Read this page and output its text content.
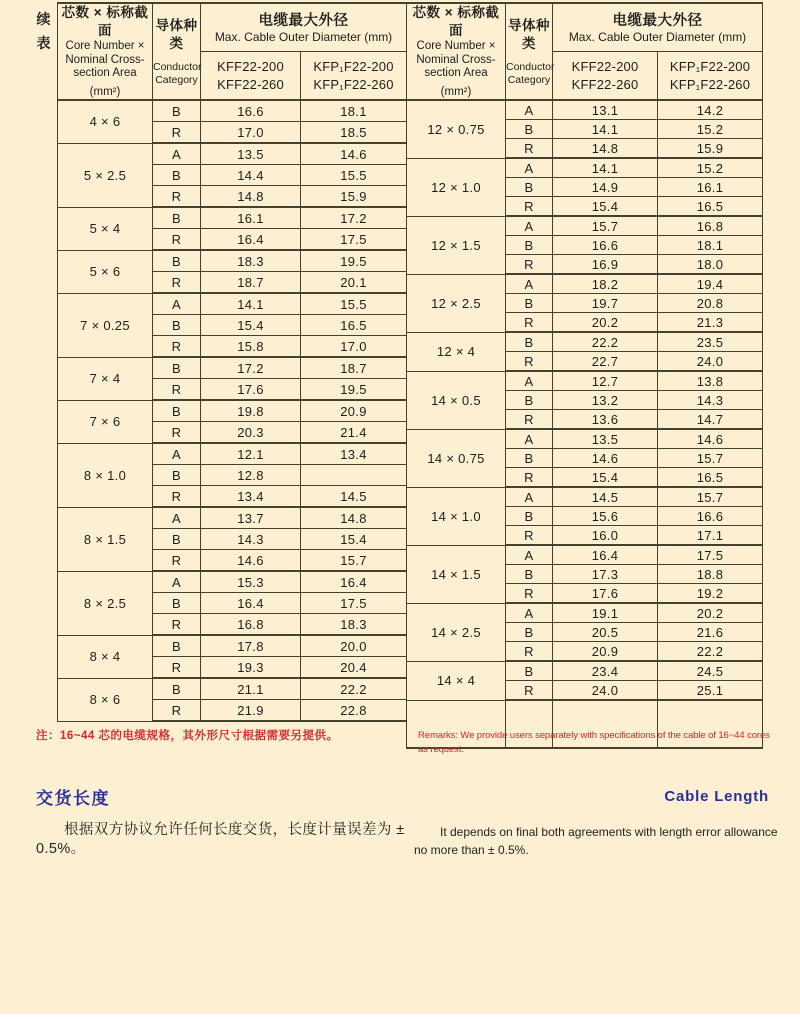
续表
芯数 × 标称截面
Core Number ×
Nominal Cross-
section Area
(mm²)	导体种
类
Conductor
Category	电缆最大外径
Max. Cable Outer Diameter (mm)	

		KFF22-200
KFF22-260	KFP₁F22-200
KFP₁F22-260

4 × 6	B	16.6	18.1
	R	17.0	18.5
5 × 2.5	A	13.5	14.6
	B	14.4	15.5
	R	14.8	15.9
5 × 4	B	16.1	17.2
	R	16.4	17.5
5 × 6	B	18.3	19.5
	R	18.7	20.1
7 × 0.25	A	14.1	15.5
	B	15.4	16.5
	R	15.8	17.0
7 × 4	B	17.2	18.7
	R	17.6	19.5
7 × 6	B	19.8	20.9
	R	20.3	21.4
8 × 1.0	A	12.1	13.4
	B	12.8	
	R	13.4	14.5
8 × 1.5	A	13.7	14.8
	B	14.3	15.4
	R	14.6	15.7
8 × 2.5	A	15.3	16.4
	B	16.4	17.5
	R	16.8	18.3
8 × 4	B	17.8	20.0
	R	19.3	20.4
8 × 6	B	21.1	22.2
	R	21.9	22.8
芯数 × 标称截面
Core Number ×
Nominal Cross-
section Area
(mm²)	导体种
类
Conductor
Category	电缆最大外径
Max. Cable Outer Diameter (mm)	

		KFF22-200
KFF22-260	KFP₁F22-200
KFP₁F22-260

12 × 0.75	A	13.1	14.2
	B	14.1	15.2
	R	14.8	15.9
12 × 1.0	A	14.1	15.2
	B	14.9	16.1
	R	15.4	16.5
12 × 1.5	A	15.7	16.8
	B	16.6	18.1
	R	16.9	18.0
12 × 2.5	A	18.2	19.4
	B	19.7	20.8
	R	20.2	21.3
12 × 4	B	22.2	23.5
	R	22.7	24.0
14 × 0.5	A	12.7	13.8
	B	13.2	14.3
	R	13.6	14.7
14 × 0.75	A	13.5	14.6
	B	14.6	15.7
	R	15.4	16.5
14 × 1.0	A	14.5	15.7
	B	15.6	16.6
	R	16.0	17.1
14 × 1.5	A	16.4	17.5
	B	17.3	18.8
	R	17.6	19.2
14 × 2.5	A	19.1	20.2
	B	20.5	21.6
	R	20.9	22.2
14 × 4	B	23.4	24.5
	R	24.0	25.1

注：16~44 芯的电缆规格，其外形尺寸根据需要另提供。	Remarks: We provide users separately with specifications of the cable of 16~44 cores
as request.
交货长度	Cable Length
根据双方协议允许任何长度交货，长度计量误差为 ±
0.5%。
It depends on final both agreements with length error allowance
no more than ± 0.5%.
